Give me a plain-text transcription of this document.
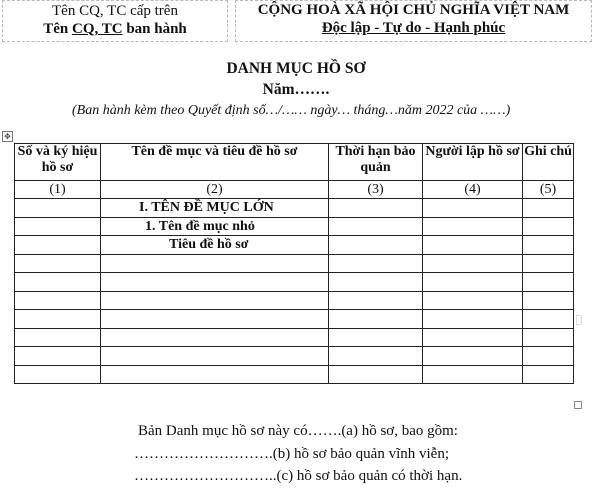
Tên CQ, TC cấp trên
Tên CQ, TC ban hành
CỘNG HOÀ XÃ HỘI CHỦ NGHĨA VIỆT NAM
Độc lập - Tự do - Hạnh phúc
DANH MỤC HỒ SƠ
Năm…….
(Ban hành kèm theo Quyết định số…/…… ngày… tháng…năm 2022 của ……)
✥
Số và ký hiệu hồ sơ	Tên đề mục và tiêu đề hồ sơ	Thời hạn bảo quản	Người lập hồ sơ	Ghi chú
(1)	(2)	(3)	(4)	(5)
	I. TÊN ĐỀ MỤC LỚN			
	1. Tên đề mục nhỏ			
	Tiêu đề hồ sơ			

Bản Danh mục hồ sơ này có…….(a) hồ sơ, bao gồm:
……………………….(b) hồ sơ bảo quản vĩnh viễn;
………………………..(c) hồ sơ bảo quản có thời hạn.
